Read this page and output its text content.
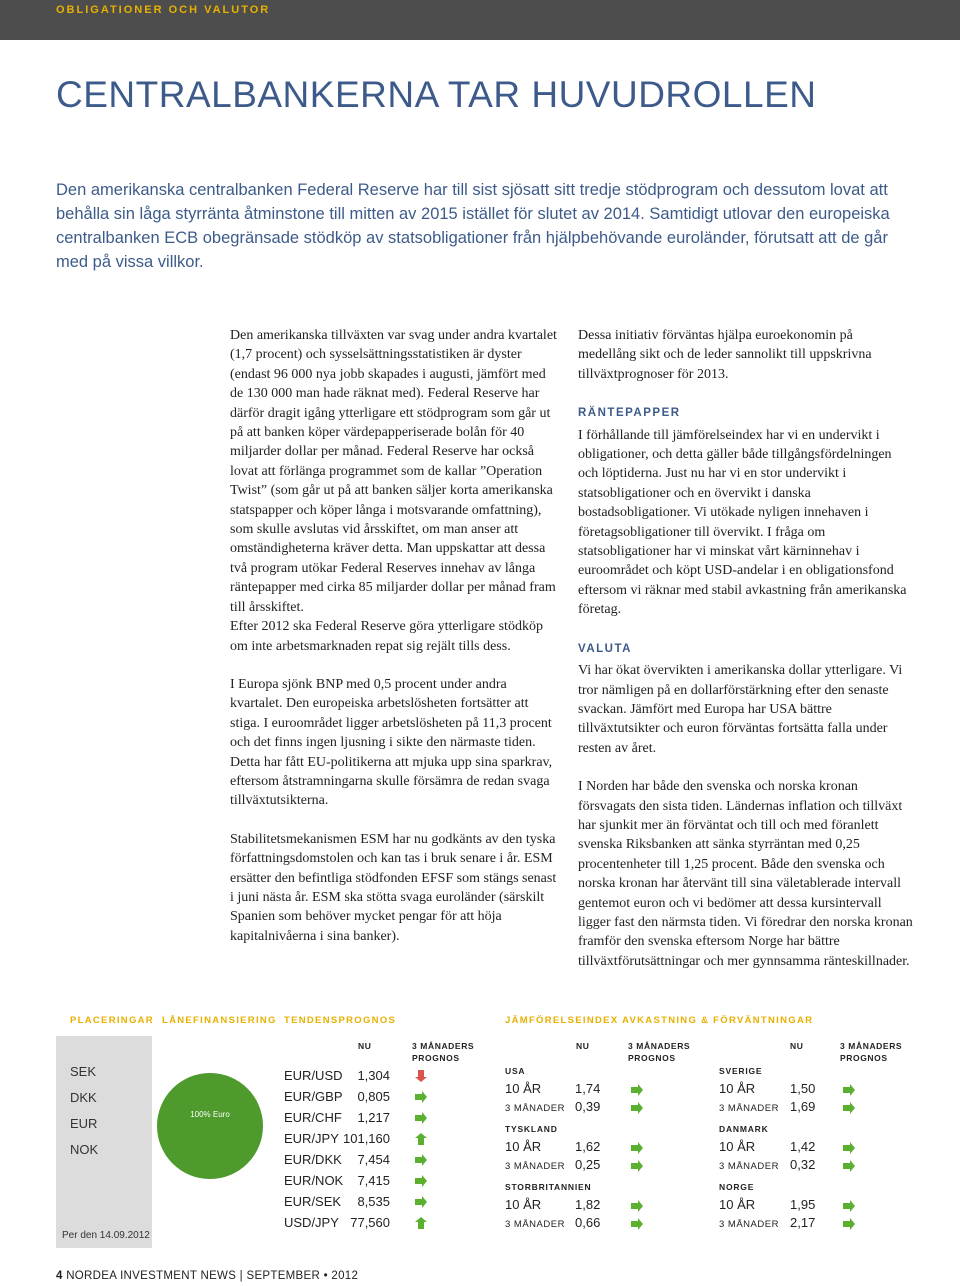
OBLIGATIONER OCH VALUTOR
CENTRALBANKERNA TAR HUVUDROLLEN

Den amerikanska centralbanken Federal Reserve har till sist sjösatt sitt tredje stödprogram och dessutom lovat att behålla sin låga styrränta åtminstone till mitten av 2015 istället för slutet av 2014. Samtidigt utlovar den europeiska centralbanken ECB obegränsade stödköp av statsobligationer från hjälpbehövande euroländer, förutsatt att de går med på vissa villkor.

Den amerikanska tillväxten var svag under andra kvartalet (1,7 procent) och sysselsättningsstatistiken är dyster (endast 96 000 nya jobb skapades i augusti, jämfört med de 130 000 man hade räknat med). Federal Reserve har därför dragit igång ytterligare ett stödprogram som går ut på att banken köper värdepapperiserade bolån för 40 miljarder dollar per månad. Federal Reserve har också lovat att förlänga programmet som de kallar ”Operation Twist” (som går ut på att banken säljer korta amerikanska statspapper och köper långa i motsvarande omfattning), som skulle avslutas vid årsskiftet, om man anser att omständigheterna kräver detta. Man uppskattar att dessa två program utökar Federal Reserves innehav av långa räntepapper med cirka 85 miljarder dollar per månad fram till årsskiftet.

Efter 2012 ska Federal Reserve göra ytterligare stödköp om inte arbetsmarknaden repat sig rejält tills dess.

I Europa sjönk BNP med 0,5 procent under andra kvartalet. Den europeiska arbetslösheten fortsätter att stiga. I euroområdet ligger arbetslösheten på 11,3 procent och det finns ingen ljusning i sikte den närmaste tiden. Detta har fått EU-politikerna att mjuka upp sina sparkrav, eftersom åtstramningarna skulle försämra de redan svaga tillväxtutsikterna.

Stabilitetsmekanismen ESM har nu godkänts av den tyska författningsdomstolen och kan tas i bruk senare i år. ESM ersätter den befintliga stödfonden EFSF som stängs senast i juni nästa år. ESM ska stötta svaga euroländer (särskilt Spanien som behöver mycket pengar för att höja kapitalnivåerna i sina banker).

Dessa initiativ förväntas hjälpa euroekonomin på medellång sikt och de leder sannolikt till uppskrivna tillväxtprognoser för 2013.

RÄNTEPAPPER

I förhållande till jämförelseindex har vi en undervikt i obligationer, och detta gäller både tillgångsfördelningen och löptiderna. Just nu har vi en stor undervikt i statsobligationer och en övervikt i danska bostadsobligationer. Vi utökade nyligen innehaven i företagsobligationer till övervikt. I fråga om statsobligationer har vi minskat vårt kärninnehav i euroområdet och köpt USD-andelar i en obligationsfond eftersom vi räknar med stabil avkastning från amerikanska företag.

VALUTA

Vi har ökat övervikten i amerikanska dollar ytterligare. Vi tror nämligen på en dollarförstärkning efter den senaste svackan. Jämfört med Europa har USA bättre tillväxtutsikter och euron förväntas fortsätta falla under resten av året.

I Norden har både den svenska och norska kronan försvagats den sista tiden. Ländernas inflation och tillväxt har sjunkit mer än förväntat och till och med föranlett svenska Riksbanken att sänka styrräntan med 0,25 procentenheter till 1,25 procent. Både den svenska och norska kronan har återvänt till sina väletablerade intervall gentemot euron och vi bedömer att dessa kursintervall ligger fast den närmsta tiden. Vi föredrar den norska kronan framför den svenska eftersom Norge har bättre tillväxtförutsättningar och mer gynnsamma ränteskillnader.

PLACERINGAR LÅNEFINANSIERING TENDENSPROGNOS	JÄMFÖRELSEINDEX AVKASTNING & FÖRVÄNTNINGAR
SEK
DKK
EUR
NOK
Per den 14.09.2012
100% Euro
NU	3 MÅNADERS PROGNOS
EUR/USD	1,304
EUR/GBP	0,805
EUR/CHF	1,217
EUR/JPY 101,160
EUR/DKK	7,454
EUR/NOK	7,415
EUR/SEK	8,535
USD/JPY 77,560
NU	3 MÅNADERS PROGNOS
NU	3 MÅNADERS PROGNOS
USA
10 ÅR	1,74
3 MÅNADER 0,39
TYSKLAND
10 ÅR	1,62
3 MÅNADER 0,25
STORBRITANNIEN
10 ÅR	1,82
3 MÅNADER 0,66
SVERIGE
10 ÅR	1,50
3 MÅNADER 1,69
DANMARK
10 ÅR	1,42
3 MÅNADER 0,32
NORGE
10 ÅR	1,95
3 MÅNADER 2,17
4 NORDEA INVESTMENT NEWS | SEPTEMBER • 2012
